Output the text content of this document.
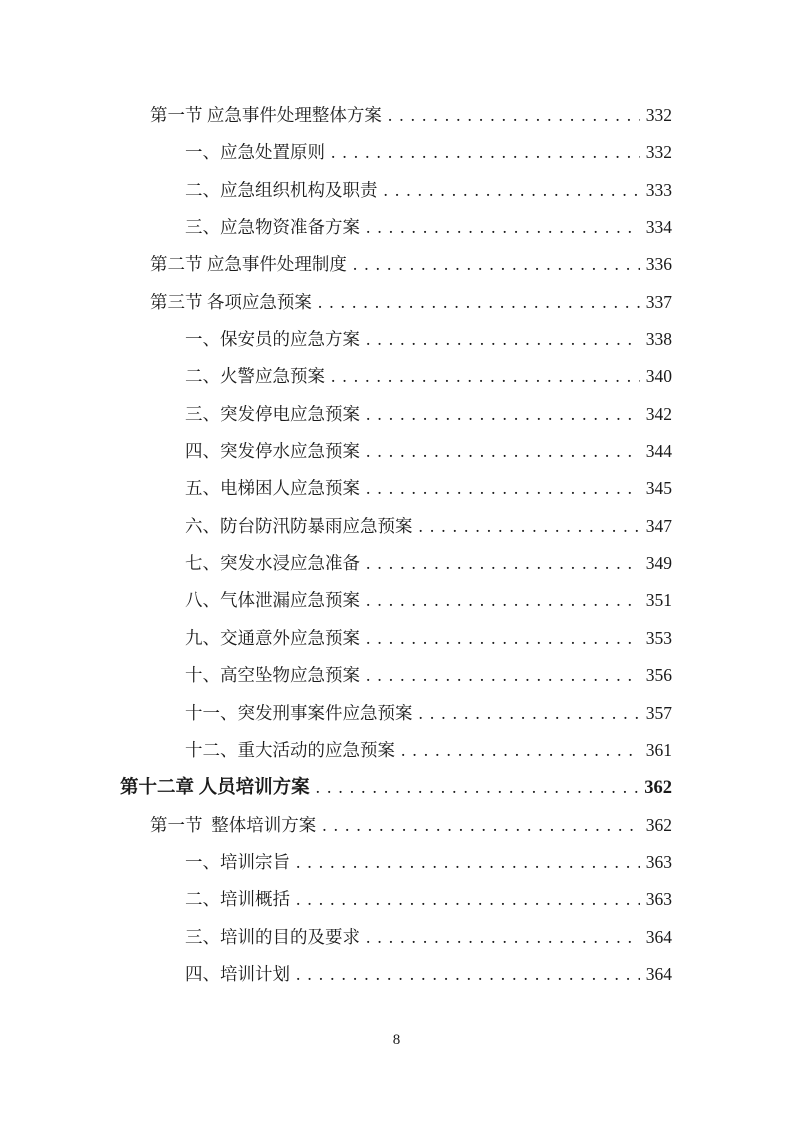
第一节 应急事件处理整体方案 .....	332
一、应急处置原则 .....	332
二、应急组织机构及职责 .....	333
三、应急物资准备方案 .....	334
第二节 应急事件处理制度 .....	336
第三节 各项应急预案 .....	337
一、保安员的应急方案 .....	338
二、火警应急预案 .....	340
三、突发停电应急预案 .....	342
四、突发停水应急预案 .....	344
五、电梯困人应急预案 .....	345
六、防台防汛防暴雨应急预案 .....	347
七、突发水浸应急准备 .....	349
八、气体泄漏应急预案 .....	351
九、交通意外应急预案 .....	353
十、高空坠物应急预案 .....	356
十一、突发刑事案件应急预案 .....	357
十二、重大活动的应急预案 .....	361
第十二章 人员培训方案 .....	362
第一节  整体培训方案 .....	362
一、培训宗旨 .....	363
二、培训概括 .....	363
三、培训的目的及要求 .....	364
四、培训计划 .....	364
8
